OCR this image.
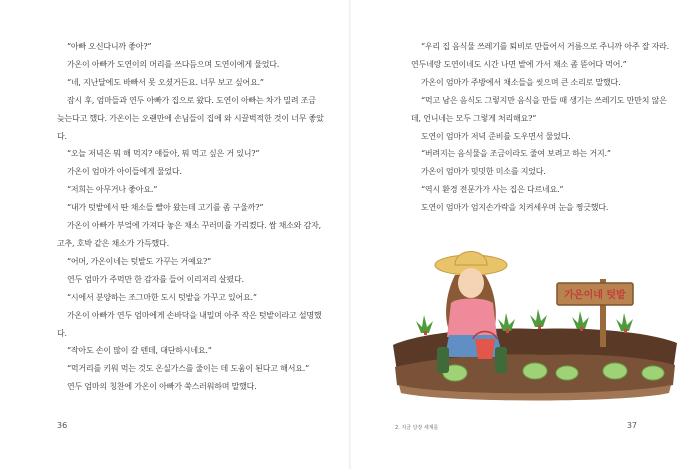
“아빠 오신다니까 좋아?”

가온이 아빠가 도연이의 머리를 쓰다듬으며 도연이에게 물었다.

“네, 지난달에도 바빠서 못 오셨거든요. 너무 보고 싶어요.”

잠시 후, 엄마들과 연두 아빠가 집으로 왔다. 도연이 아빠는 차가 밀려 조금 늦는다고 했다. 가온이는 오랜만에 손님들이 집에 와 시끌벅적한 것이 너무 좋았다.

“오늘 저녁은 뭐 해 먹지? 얘들아, 뭐 먹고 싶은 거 있니?”

가온이 엄마가 아이들에게 물었다.

“저희는 아무거나 좋아요.”

“내가 텃밭에서 딴 채소들 빨아 왔는데 고기를 좀 구울까?”

가온이 아빠가 부엌에 가져다 놓은 채소 꾸러미를 가리켰다. 쌈 채소와 감자, 고추, 호박 같은 채소가 가득했다.

“어머, 가온이네는 텃밭도 가꾸는 거예요?”

연두 엄마가 주먹만 한 감자를 들어 이리저리 살폈다.

“시에서 분양하는 조그마한 도시 텃밭을 가꾸고 있어요.”

가온이 아빠가 연두 엄마에게 손바닥을 내밀며 아주 작은 텃밭이라고 설명했다.

“작아도 손이 많이 갈 텐데, 대단하시네요.”

“먹거리를 키워 먹는 것도 온실가스를 줄이는 데 도움이 된다고 해서요.”

연두 엄마의 칭찬에 가온이 아빠가 쑥스러워하며 말했다.

36

“우리 집 음식물 쓰레기를 퇴비로 만들어서 거름으로 주니까 아주 잘 자라. 연두네랑 도연이네도 시간 나면 밭에 가서 채소 좀 뜯어다 먹어.”

가온이 엄마가 주방에서 채소들을 씻으며 큰 소리로 말했다.

“먹고 남은 음식도 그렇지만 음식을 만들 때 생기는 쓰레기도 만만치 않은데, 언니네는 모두 그렇게 처리해요?”

도연이 엄마가 저녁 준비를 도우면서 물었다.

“버려지는 음식물을 조금이라도 줄여 보려고 하는 거지.”

가온이 엄마가 밋밋한 미소를 지었다.

“역시 환경 전문가가 사는 집은 다르네요.”

도연이 엄마가 엄지손가락을 치켜세우며 눈을 찡긋했다.

가온이네 텃밭
2. 지금 당장 세계를	37
